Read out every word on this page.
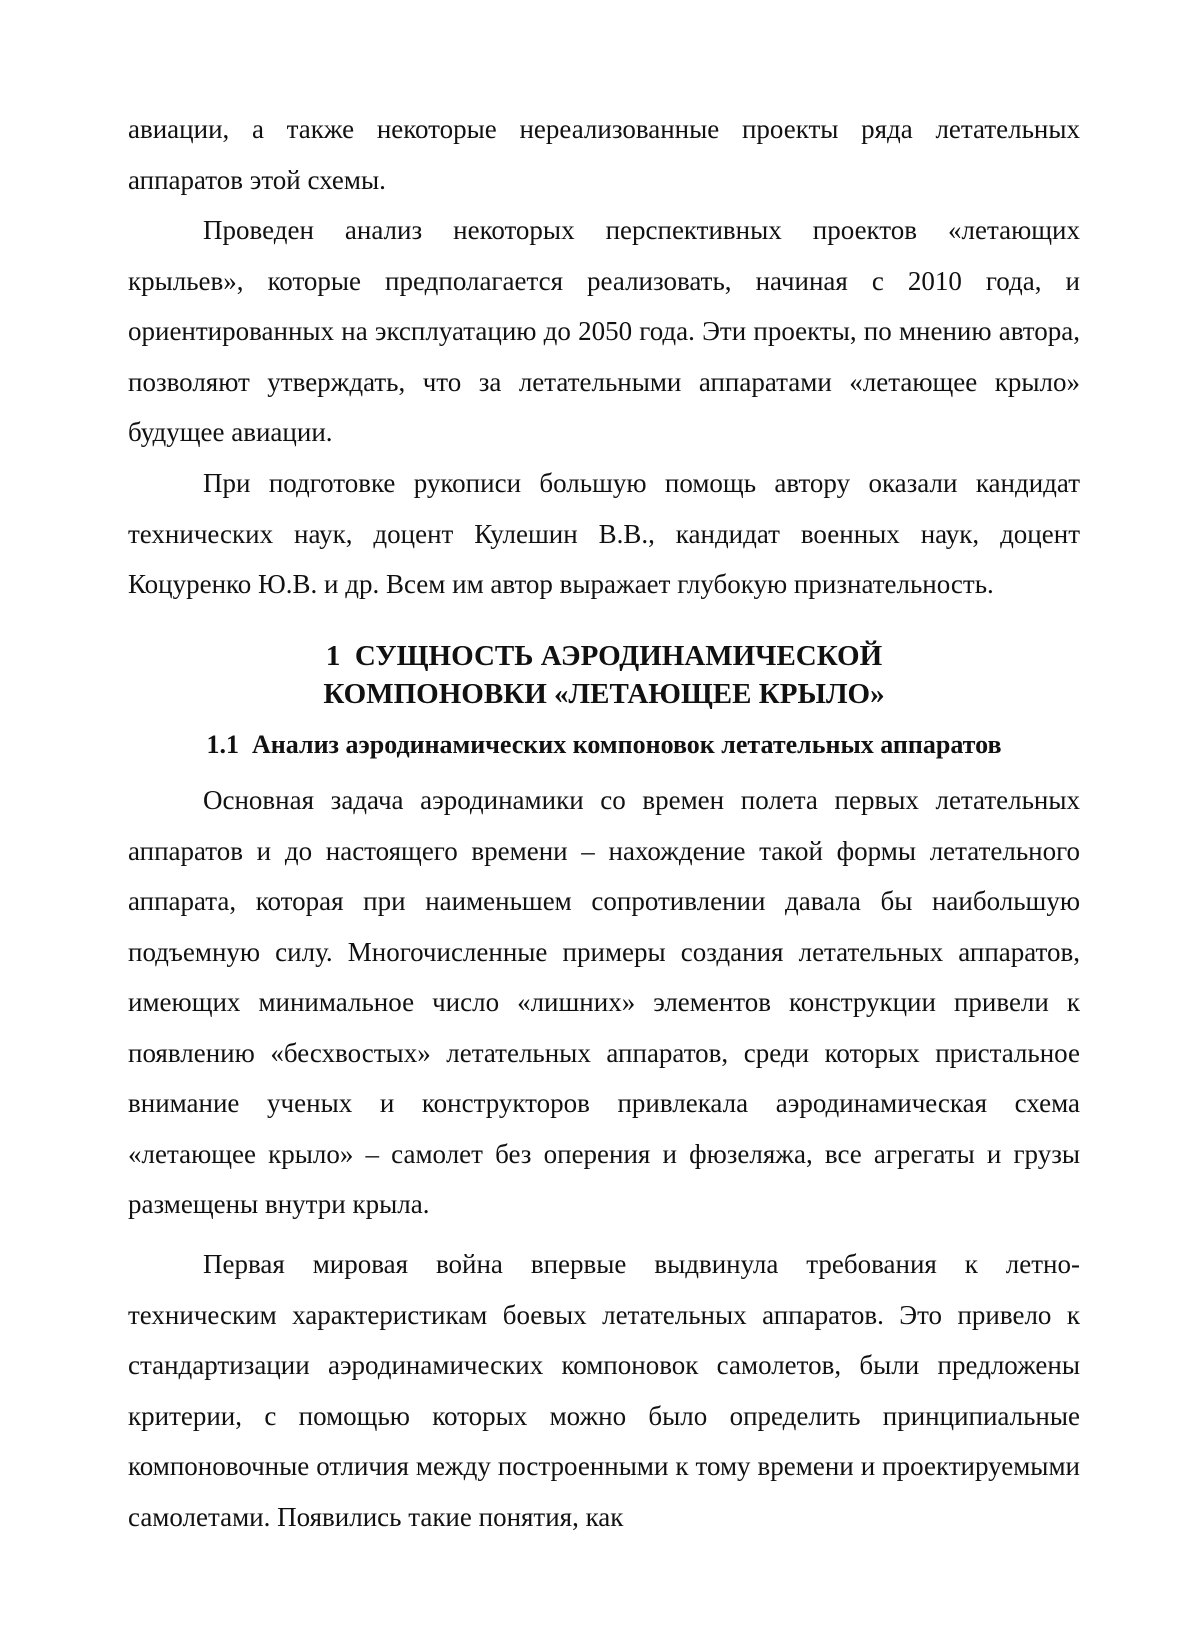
авиации, а также некоторые нереализованные проекты ряда летательных аппаратов этой схемы.

Проведен анализ некоторых перспективных проектов «летающих крыльев», которые предполагается реализовать, начиная с 2010 года, и ориентированных на эксплуатацию до 2050 года. Эти проекты, по мнению автора, позволяют утверждать, что за летательными аппаратами «летающее крыло» будущее авиации.

При подготовке рукописи большую помощь автору оказали кандидат технических наук, доцент Кулешин В.В., кандидат военных наук, доцент Коцуренко Ю.В. и др. Всем им автор выражает глубокую признательность.

1 СУЩНОСТЬ АЭРОДИНАМИЧЕСКОЙ
КОМПОНОВКИ «ЛЕТАЮЩЕЕ КРЫЛО»
1.1 Анализ аэродинамических компоновок летательных аппаратов

Основная задача аэродинамики со времен полета первых летательных аппаратов и до настоящего времени – нахождение такой формы летательного аппарата, которая при наименьшем сопротивлении давала бы наибольшую подъемную силу. Многочисленные примеры создания летательных аппаратов, имеющих минимальное число «лишних» элементов конструкции привели к появлению «бесхвостых» летательных аппаратов, среди которых пристальное внимание ученых и конструкторов привлекала аэродинамическая схема «летающее крыло» – самолет без оперения и фюзеляжа, все агрегаты и грузы размещены внутри крыла.

Первая мировая война впервые выдвинула требования к летно-техническим характеристикам боевых летательных аппаратов. Это привело к стандартизации аэродинамических компоновок самолетов, были предложены критерии, с помощью которых можно было определить принципиальные компоновочные отличия между построенными к тому времени и проектируемыми самолетами. Появились такие понятия, как
